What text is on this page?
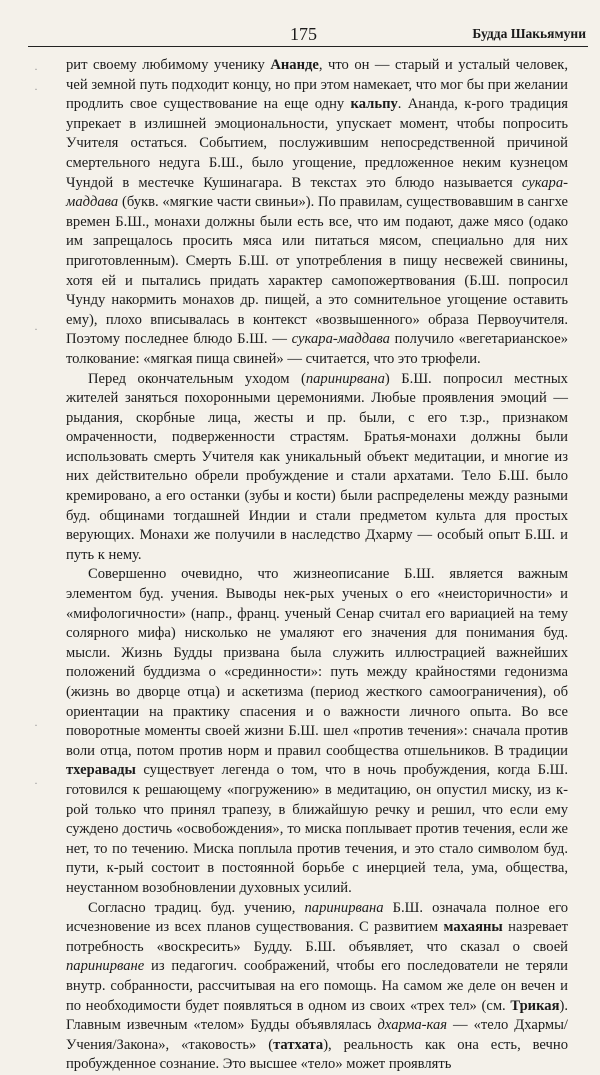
175	Будда Шакьямуни
·
·
·
·
·

рит своему любимому ученику Ананде, что он — старый и усталый человек, чей земной путь подходит концу, но при этом намекает, что мог бы при желании продлить свое существование на еще одну кальпу. Ананда, к-рого традиция упрекает в излишней эмоциональности, упускает момент, чтобы попросить Учителя остаться. Событием, послужившим непосредственной причиной смертельного недуга Б.Ш., было угощение, предложенное неким кузнецом Чундой в местечке Кушинагара. В текстах это блюдо называется сукара-маддава (букв. «мягкие части свиньи»). По правилам, существовавшим в сангхе времен Б.Ш., монахи должны были есть все, что им подают, даже мясо (одако им запрещалось просить мяса или питаться мясом, специально для них приготовленным). Смерть Б.Ш. от употребления в пищу несвежей свинины, хотя ей и пытались придать характер самопожертвования (Б.Ш. попросил Чунду накормить монахов др. пищей, а это сомнительное угощение оставить ему), плохо вписывалась в контекст «возвышенного» образа Первоучителя. Поэтому последнее блюдо Б.Ш. — сукара-маддава получило «вегетарианское» толкование: «мягкая пища свиней» — считается, что это трюфели.

Перед окончательным уходом (паринирвана) Б.Ш. попросил местных жителей заняться похоронными церемониями. Любые проявления эмоций — рыдания, скорбные лица, жесты и пр. были, с его т.зр., признаком омраченности, подверженности страстям. Братья-монахи должны были использовать смерть Учителя как уникальный объект медитации, и многие из них действительно обрели пробуждение и стали архатами. Тело Б.Ш. было кремировано, а его останки (зубы и кости) были распределены между разными буд. общинами тогдашней Индии и стали предметом культа для простых верующих. Монахи же получили в наследство Дхарму — особый опыт Б.Ш. и путь к нему.

Совершенно очевидно, что жизнеописание Б.Ш. является важным элементом буд. учения. Выводы нек-рых ученых о его «неисторичности» и «мифологичности» (напр., франц. ученый Сенар считал его вариацией на тему солярного мифа) нисколько не умаляют его значения для понимания буд. мысли. Жизнь Будды призвана была служить иллюстрацией важнейших положений буддизма о «срединности»: путь между крайностями гедонизма (жизнь во дворце отца) и аскетизма (период жесткого самоограничения), об ориентации на практику спасения и о важности личного опыта. Во все поворотные моменты своей жизни Б.Ш. шел «против течения»: сначала против воли отца, потом против норм и правил сообщества отшельников. В традиции тхеравады существует легенда о том, что в ночь пробуждения, когда Б.Ш. готовился к решающему «погружению» в медитацию, он опустил миску, из к-рой только что принял трапезу, в ближайшую речку и решил, что если ему суждено достичь «освобождения», то миска поплывает против течения, если же нет, то по течению. Миска поплыла против течения, и это стало символом буд. пути, к-рый состоит в постоянной борьбе с инерцией тела, ума, общества, неустанном возобновлении духовных усилий.

Согласно традиц. буд. учению, паринирвана Б.Ш. означала полное его исчезновение из всех планов существования. С развитием махаяны назревает потребность «воскресить» Будду. Б.Ш. объявляет, что сказал о своей паринирване из педагогич. соображений, чтобы его последователи не теряли внутр. собранности, рассчитывая на его помощь. На самом же деле он вечен и по необходимости будет появляться в одном из своих «трех тел» (см. Трикая). Главным извечным «телом» Будды объявлялась дхарма-кая — «тело Дхармы/Учения/Закона», «таковость» (татхата), реальность как она есть, вечно пробужденное сознание. Это высшее «тело» может проявлять
